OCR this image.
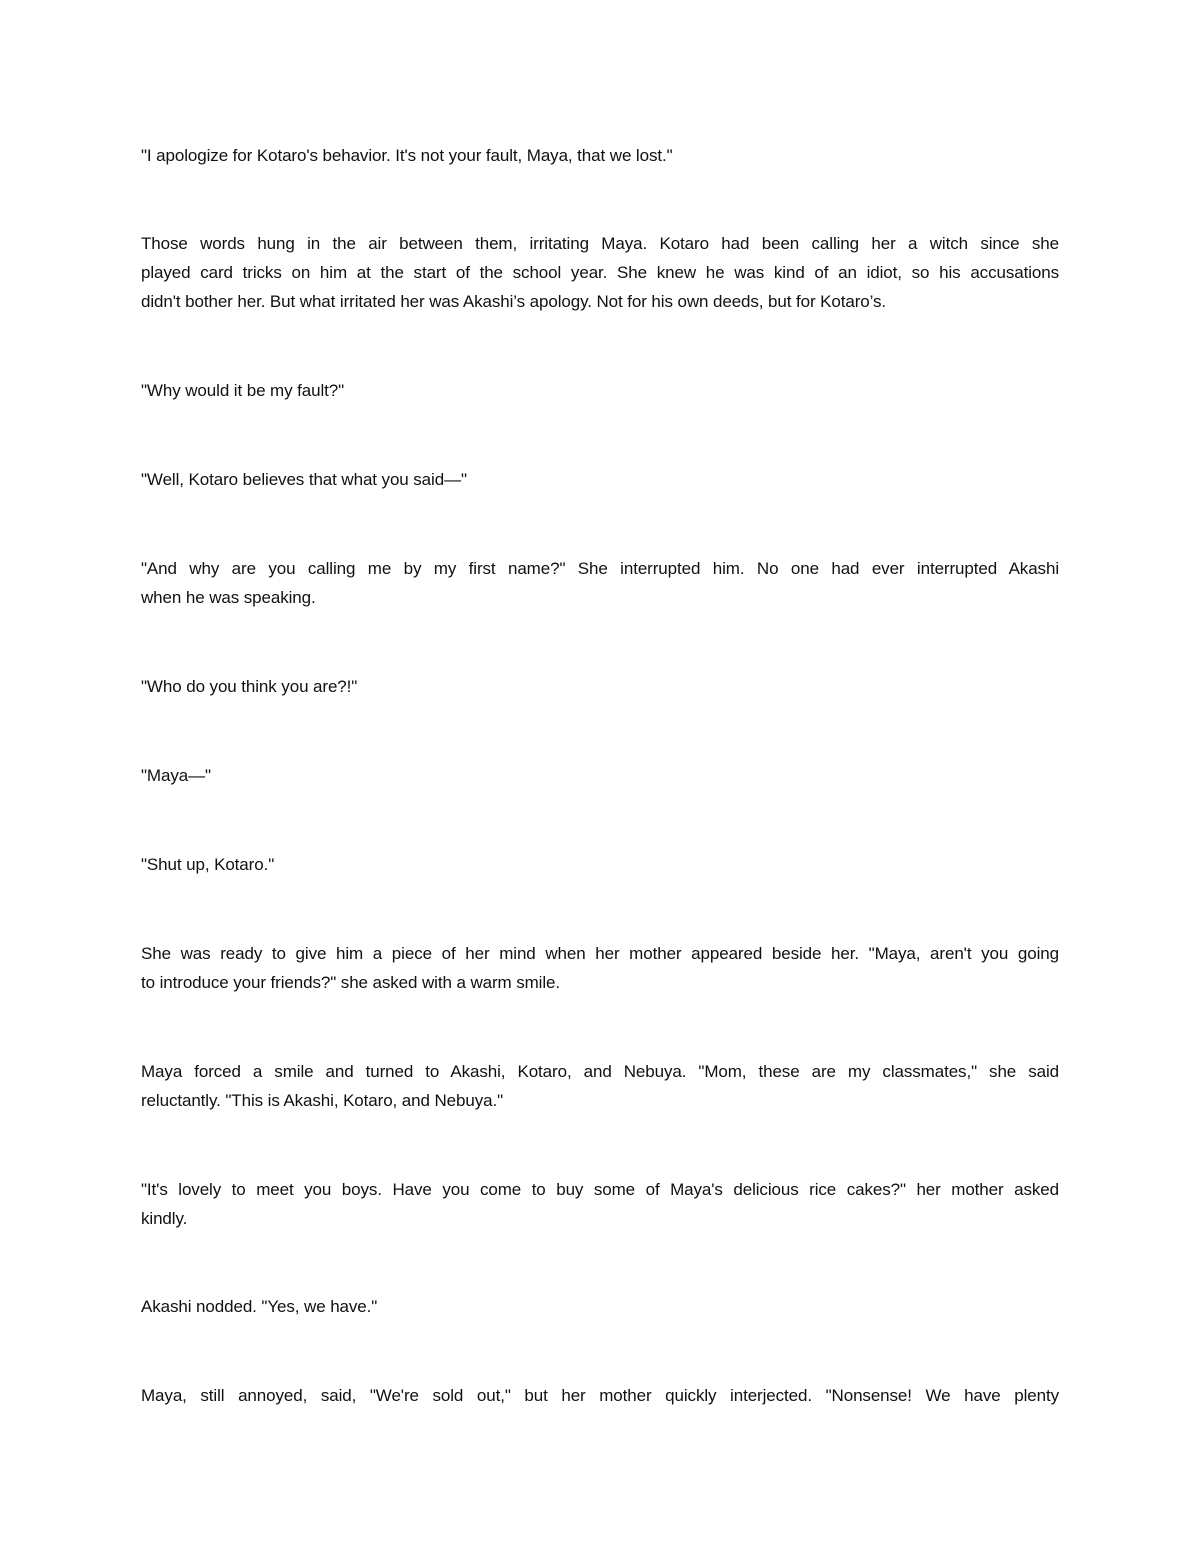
"I apologize for Kotaro's behavior. It's not your fault, Maya, that we lost."
Those words hung in the air between them, irritating Maya. Kotaro had been calling her a witch since she
played card tricks on him at the start of the school year. She knew he was kind of an idiot, so his accusations
didn't bother her. But what irritated her was Akashi’s apology. Not for his own deeds, but for Kotaro’s.
"Why would it be my fault?"
"Well, Kotaro believes that what you said—"
"And why are you calling me by my first name?" She interrupted him. No one had ever interrupted Akashi
when he was speaking.
"Who do you think you are?!"
"Maya—"
"Shut up, Kotaro."
She was ready to give him a piece of her mind when her mother appeared beside her. "Maya, aren't you going
to introduce your friends?" she asked with a warm smile.
Maya forced a smile and turned to Akashi, Kotaro, and Nebuya. "Mom, these are my classmates," she said
reluctantly. "This is Akashi, Kotaro, and Nebuya."
"It's lovely to meet you boys. Have you come to buy some of Maya's delicious rice cakes?" her mother asked
kindly.
Akashi nodded. "Yes, we have."
Maya, still annoyed, said, "We're sold out," but her mother quickly interjected. "Nonsense! We have plenty
